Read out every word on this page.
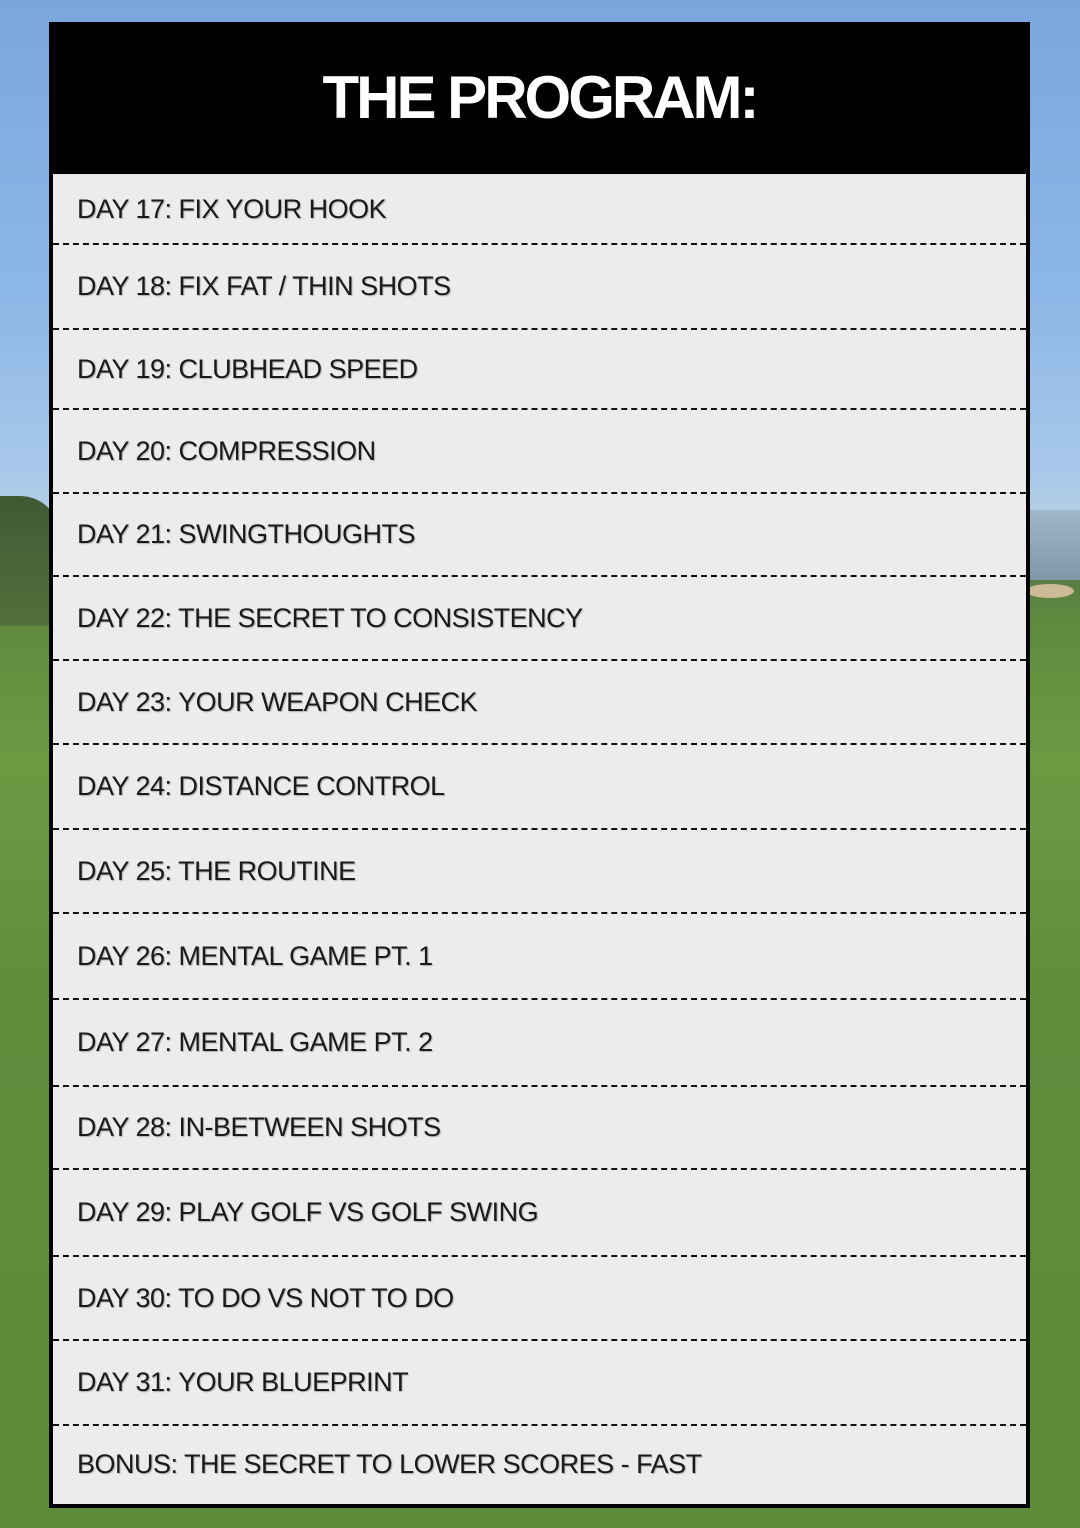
THE PROGRAM:
DAY 17: FIX YOUR HOOK
DAY 18: FIX FAT / THIN SHOTS
DAY 19: CLUBHEAD SPEED
DAY 20: COMPRESSION
DAY 21: SWINGTHOUGHTS
DAY 22: THE SECRET TO CONSISTENCY
DAY 23: YOUR WEAPON CHECK
DAY 24: DISTANCE CONTROL
DAY 25: THE ROUTINE
DAY 26: MENTAL GAME PT. 1
DAY 27: MENTAL GAME PT. 2
DAY 28: IN-BETWEEN SHOTS
DAY 29: PLAY GOLF VS GOLF SWING
DAY 30: TO DO VS NOT TO DO
DAY 31: YOUR BLUEPRINT
BONUS: THE SECRET TO LOWER SCORES - FAST
